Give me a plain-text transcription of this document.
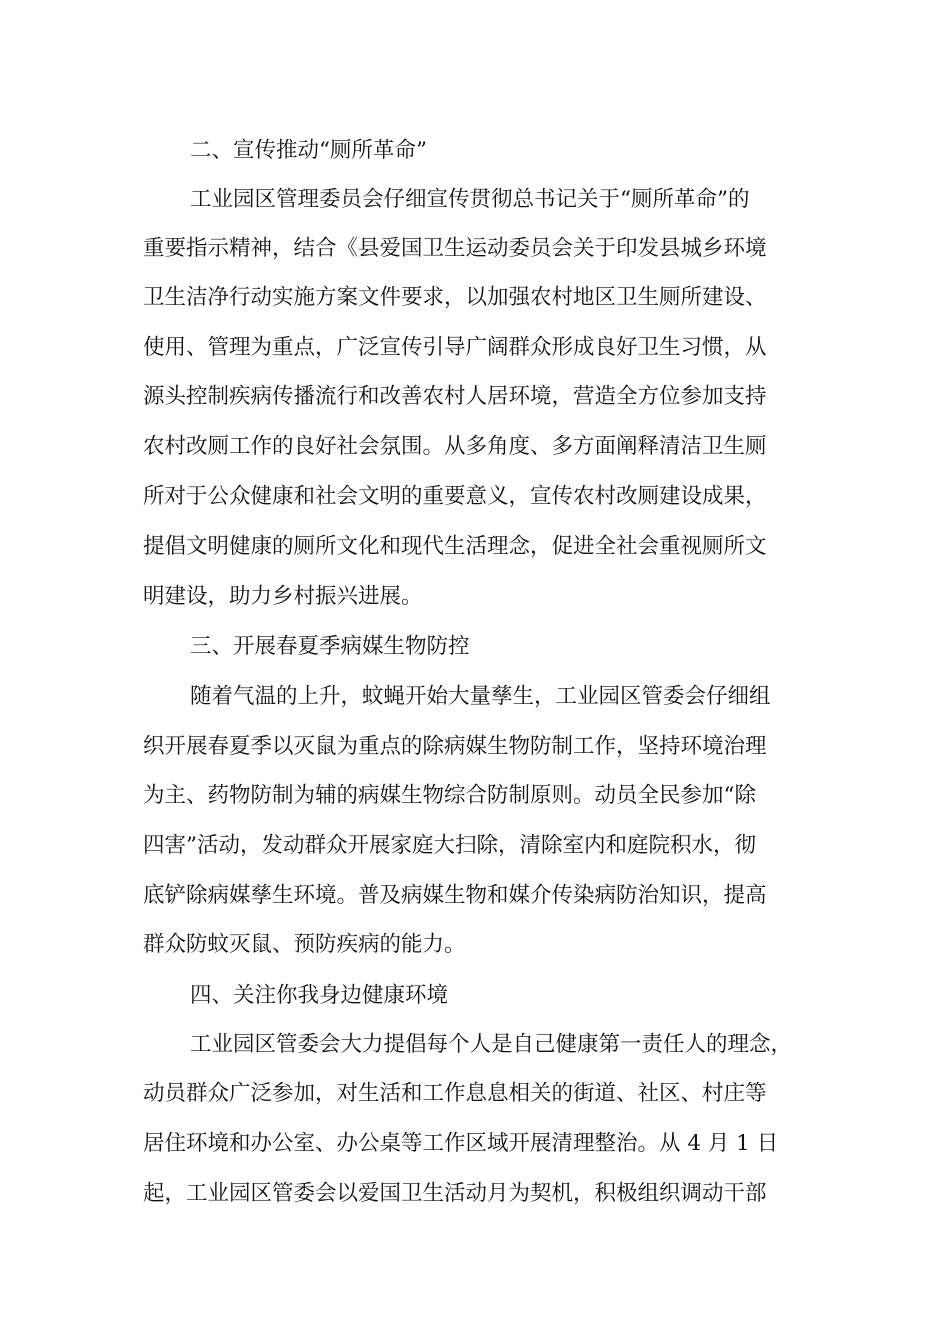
二、宣传推动“厕所革命”
工业园区管理委员会仔细宣传贯彻总书记关于“厕所革命”的
重要指示精神，结合《县爱国卫生运动委员会关于印发县城乡环境
卫生洁净行动实施方案文件要求，以加强农村地区卫生厕所建设、
使用、管理为重点，广泛宣传引导广阔群众形成良好卫生习惯，从
源头控制疾病传播流行和改善农村人居环境，营造全方位参加支持
农村改厕工作的良好社会氛围。从多角度、多方面阐释清洁卫生厕
所对于公众健康和社会文明的重要意义，宣传农村改厕建设成果，
提倡文明健康的厕所文化和现代生活理念，促进全社会重视厕所文
明建设，助力乡村振兴进展。
三、开展春夏季病媒生物防控
随着气温的上升，蚊蝇开始大量孳生，工业园区管委会仔细组
织开展春夏季以灭鼠为重点的除病媒生物防制工作，坚持环境治理
为主、药物防制为辅的病媒生物综合防制原则。动员全民参加“除
四害”活动，发动群众开展家庭大扫除，清除室内和庭院积水，彻
底铲除病媒孳生环境。普及病媒生物和媒介传染病防治知识，提高
群众防蚊灭鼠、预防疾病的能力。
四、关注你我身边健康环境
工业园区管委会大力提倡每个人是自己健康第一责任人的理念，
动员群众广泛参加，对生活和工作息息相关的街道、社区、村庄等
居住环境和办公室、办公桌等工作区域开展清理整治。从 4 月 1 日
起，工业园区管委会以爱国卫生活动月为契机，积极组织调动干部
